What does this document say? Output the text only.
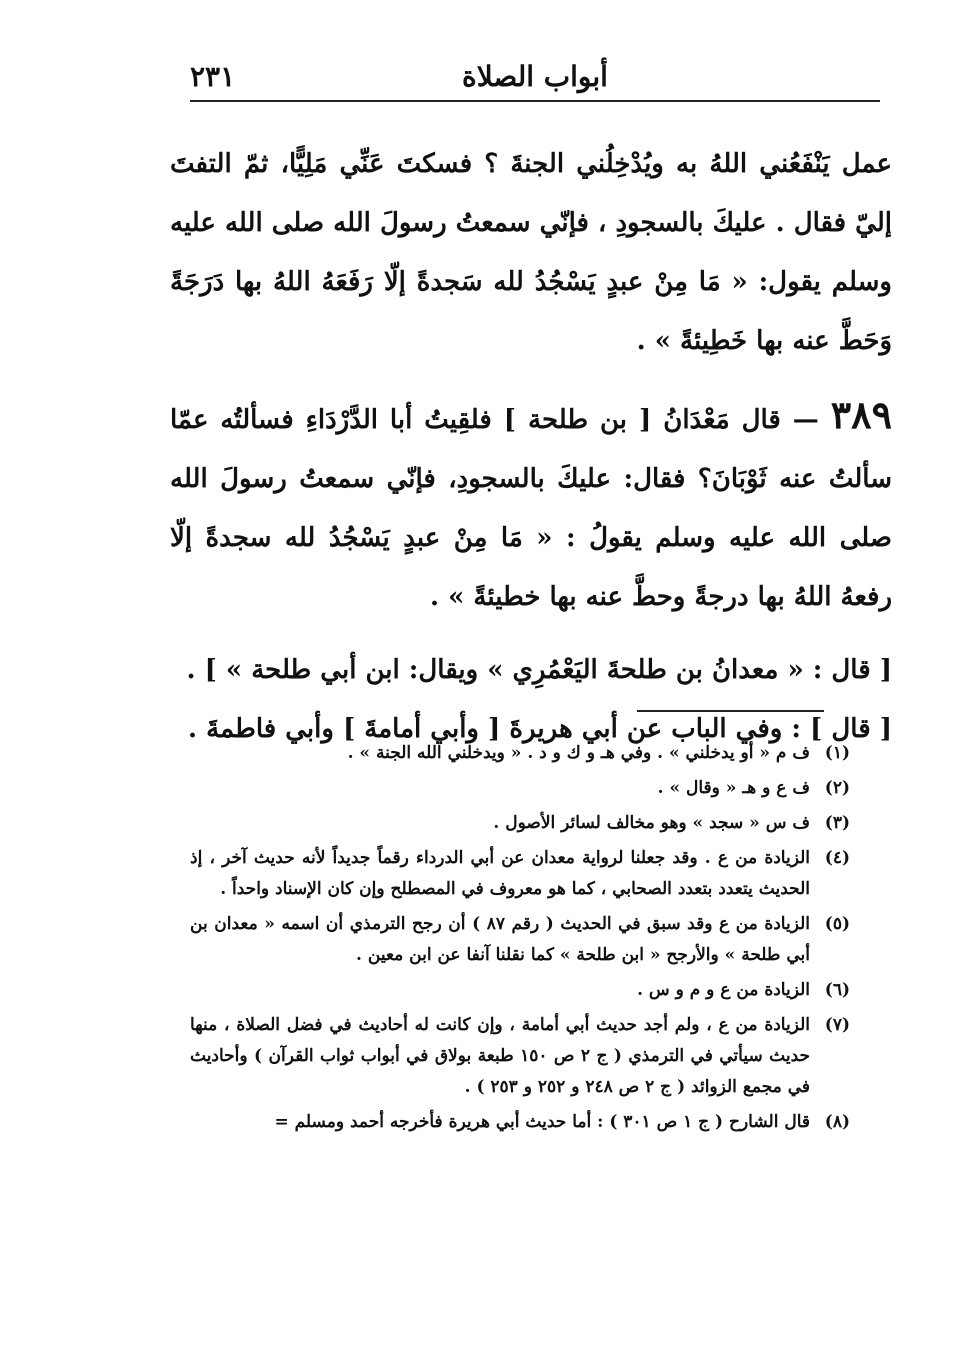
٢٣١	أبواب الصلاة

عمل يَنْفَعُني اللهُ به ويُدْخِلُني الجنةَ ؟ فسكتَ عَنِّي مَلِيًّا، ثمّ التفتَ إليّ فقال . عليكَ بالسجودِ ، فإنّي سمعتُ رسولَ الله صلى الله عليه وسلم يقول: « مَا مِنْ عبدٍ يَسْجُدُ لله سَجدةً إلّا رَفَعَهُ اللهُ بها دَرَجَةً وَحَطَّ عنه بها خَطِيئةً » .

٣٨٩ — قال مَعْدَانُ [ بن طلحة ] فلقِيتُ أبا الدَّرْدَاءِ فسألتُه عمّا سألتُ عنه ثَوْبَانَ؟ فقال: عليكَ بالسجودِ، فإنّي سمعتُ رسولَ الله صلى الله عليه وسلم يقولُ : « مَا مِنْ عبدٍ يَسْجُدُ لله سجدةً إلّا رفعهُ اللهُ بها درجةً وحطَّ عنه بها خطيئةً » .

[ قال : « معدانُ بن طلحةَ اليَعْمُرِي » ويقال: ابن أبي طلحة » ] .

[ قال ] : وفي الباب عن أبي هريرةَ [ وأبي أمامةَ ] وأبي فاطمةَ .

(١)
ف م « أو يدخلني » . وفي هـ و ك و د . « ويدخلني الله الجنة » .
(٢)
ف ع و هـ « وقال » .
(٣)
ف س « سجد » وهو مخالف لسائر الأصول .
(٤)
الزيادة من ع . وقد جعلنا لرواية معدان عن أبي الدرداء رقماً جديداً لأنه حديث آخر ، إذ الحديث يتعدد بتعدد الصحابي ، كما هو معروف في المصطلح وإن كان الإسناد واحداً .
(٥)
الزيادة من ع وقد سبق في الحديث ( رقم ٨٧ ) أن رجح الترمذي أن اسمه « معدان بن أبي طلحة » والأرجح « ابن طلحة » كما نقلنا آنفا عن ابن معين .
(٦)
الزيادة من ع و م و س .
(٧)
الزيادة من ع ، ولم أجد حديث أبي أمامة ، وإن كانت له أحاديث في فضل الصلاة ، منها حديث سيأتي في الترمذي ( ج ٢ ص ١٥٠ طبعة بولاق في أبواب ثواب القرآن ) وأحاديث في مجمع الزوائد ( ج ٢ ص ٢٤٨ و ٢٥٢ و ٢٥٣ ) .
(٨)
قال الشارح ( ج ١ ص ٣٠١ ) : أما حديث أبي هريرة فأخرجه أحمد ومسلم =
